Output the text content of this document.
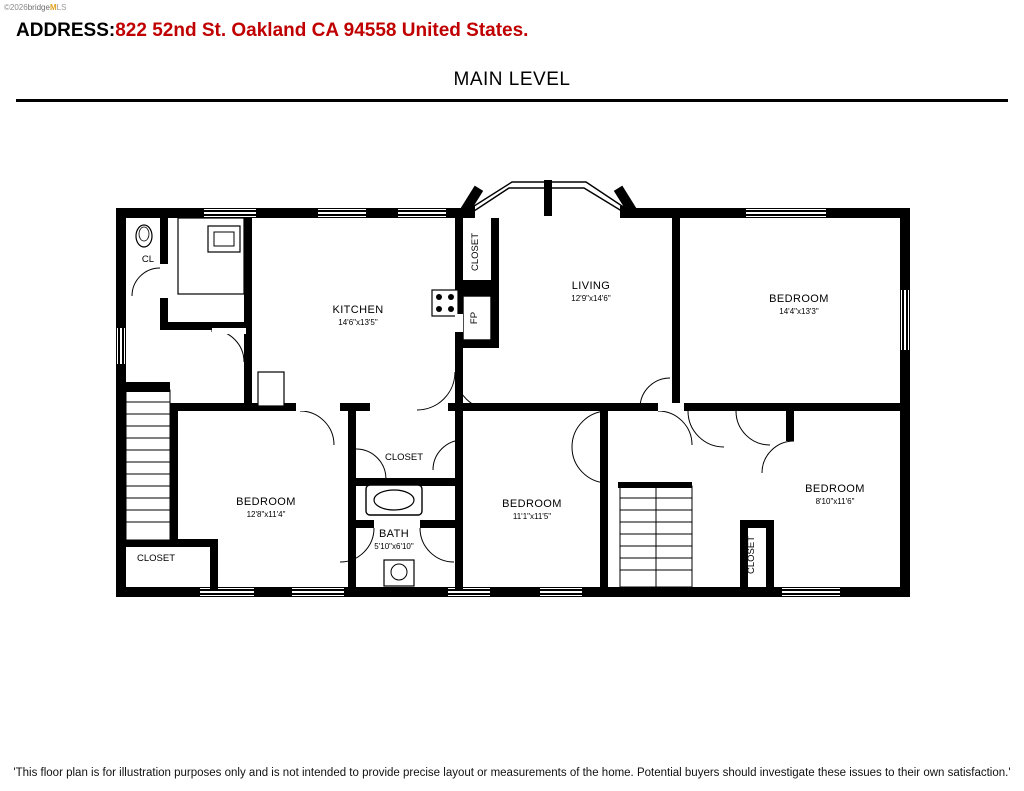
©2026bridgeMLS
ADDRESS:822 52nd St. Oakland CA 94558 United States.
MAIN LEVEL
KITCHEN
14'6"x13'5"
LIVING
12'9"x14'6"	BEDROOM
14'4"x13'3"
BEDROOM
12'8"x11'4"
BEDROOM
11'1"x11'5"
BEDROOM
8'10"x11'6"
BATH
5'10"x6'10"
CL
CLOSET
CLOSET
CLOSET
FP
CLOSET
'This floor plan is for illustration purposes only and is not intended to provide precise layout or measurements of the home. Potential buyers should investigate these issues to their own satisfaction.'
